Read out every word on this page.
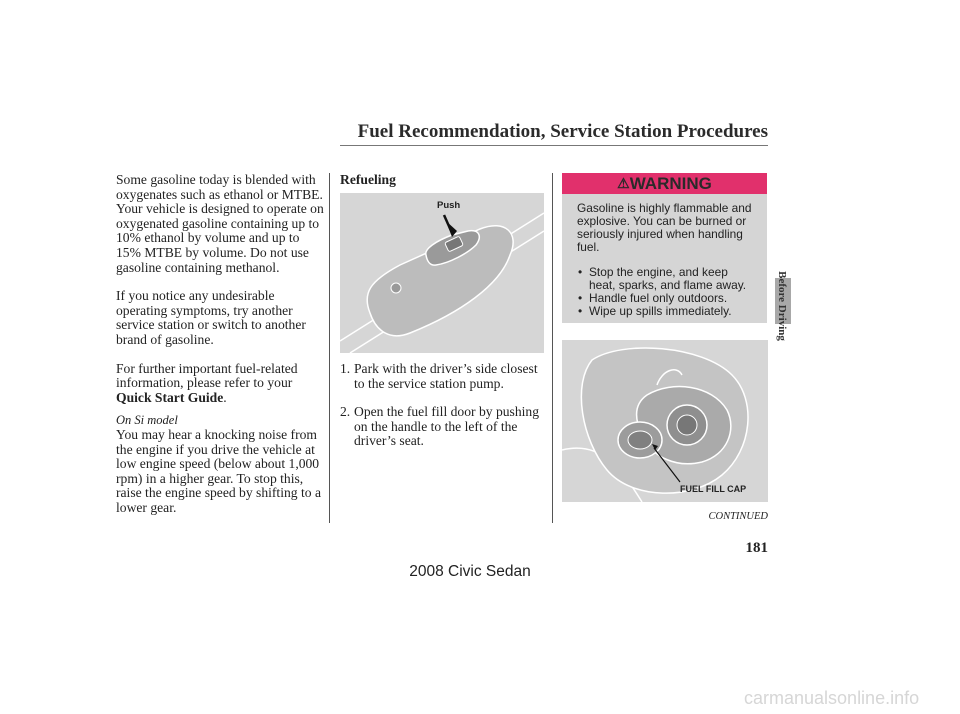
Fuel Recommendation, Service Station Procedures

Some gasoline today is blended with oxygenates such as ethanol or MTBE. Your vehicle is designed to operate on oxygenated gasoline containing up to 10% ethanol by volume and up to 15% MTBE by volume. Do not use gasoline containing methanol.

If you notice any undesirable operating symptoms, try another service station or switch to another brand of gasoline.

For further important fuel-related information, please refer to your
Quick Start Guide.

On Si model
You may hear a knocking noise from the engine if you drive the vehicle at low engine speed (below about 1,000 rpm) in a higher gear. To stop this, raise the engine speed by shifting to a lower gear.
Refueling
Push
1. Park with the driver’s side closest to the service station pump.
2. Open the fuel fill door by pushing on the handle to the left of the driver’s seat.
⚠WARNING
Gasoline is highly flammable and explosive. You can be burned or seriously injured when handling fuel.
• Stop the engine, and keep heat, sparks, and flame away.
• Handle fuel only outdoors.
• Wipe up spills immediately.
FUEL FILL CAP
Before Driving
CONTINUED
181
2008 Civic Sedan
carmanualsonline.info
